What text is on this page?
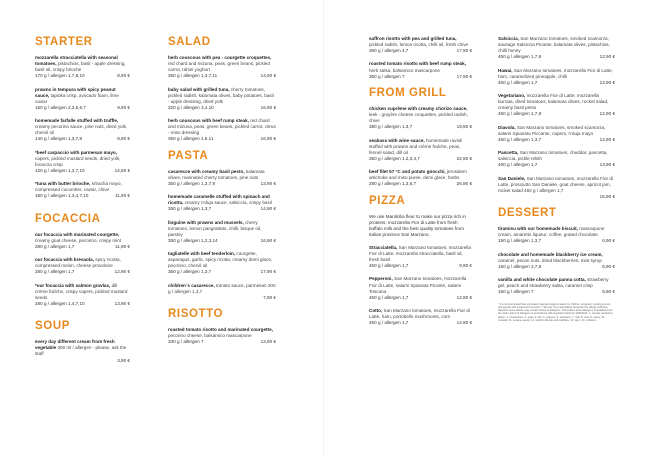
STARTER
mozzarella stracciatella with seasonal tomatoes, pistachios, basil - apple dressing, basil oil, crispy brioche
170 g / allergen 1,7,8,10	8,90 €
prawns in tempura with spicy peanut sauce, tapioka crisp, avocado foam, lime caviar
150 g / allergen 2,3,5,6,7	9,90 €
homemade farfalle stuffed with truffle, creamy pecorino sauce, pine nuts, dried yolk, chervil oil
140 g / allergen 1,3,7,8	8,90 €
*beef carpaccio with parmesan mayo, capers, pickled mustard seeds, dried yolk, focaccia crisp
120 g / allergen 1,3,7,10	12,50 €
*tuna with butter brioche, sriracha mayo, compressed cucumber, caviar, chive
180 g / allergen 1,3,4,7,10	11,90 €
FOCACCIA
our focaccia with marinated courgette, creamy goat cheese, pecorino, crispy mint
280 g / allergen 1,7	11,90 €
our focaccia with bresaola, spicy ricotta, compressed melon, cheese provolone
280 g / allergen 1,7	12,90 €
*our focaccia with salmon gravlax, dill crème fraîche, crispy capers, pickled mustard seeds
280 g / allergen 1,4,7,10	13,90 €
SOUP
every day different cream from fresh vegetable 300 ml / allergen - please, ask the staff
3,90 €
SALAD
herb couscous with pea - courgette croquettes, red chard and mizuna, peas, green beans, pickled carrot, tahini yoghurt
350 g / allergen 1,3,7,11	14,90 €
baby salad with grilled tuna, cherry tomatoes, pickled radish, kalamata olives, baby potatoes, basil - apple dressing, dried yolk
320 g / allergen 3,4,10	16,90 €
herb couscous with beef rump steak, red chard and mizuna, peas, green beans, pickled carrot, citrus - miso dressing
350 g / allergen 1,6,11	16,90 €
PASTA
casarecce with creamy basil pesto, kalamata olives, marinated cherry tomatoes, pine nuts
350 g / allergen 1,3,7,8	13,90 €
homemade caramelle stuffed with spinach and ricotta, creamy n'duja sauce, salsiccia, crispy basil
350 g / allergen 1,3,7	14,90 €
linguine with prawns and mussels, cherry tomatoes, lemon pangrattato, chilli, bisque oil, parsley
350 g / allergen 1,2,3,14	16,90 €
tagliatelle with beef tenderloin, courgette, asparagus, garlic, spicy ricotta, creamy demi glace, pecorino, chervil oil
350 g / allergen 1,3,7	17,90 €
children´s casarecce, tomato sauce, parmesan 200 g / allergen 1,3,7
7,90 €
RISOTTO
roasted tomato risotto and marinated courgette, pecorino cheese, balsamico mascarpone
330 g / allergen 7	13,90 €
saffron risotto with pea and grilled tuna, pickled radish, lemon ricotta, chilli oil, fresh chive
350 g / allergen 4,7	17,90 €
roasted tomato risotto with beef rump steak, herb salsa, balsamico mascarpone
350 g / allergen 7	17,90 €
FROM GRILL
chicken suprême with creamy chorizo sauce, leek - gruyère cheese croquettes, pickled radish, chive
380 g / allergen 1,3,7	19,90 €
seabass with wine sauce, homemade ravioli stuffed with prawns and crème fraîche, peas, fennel salad, dill oil
350 g / allergen 1,2,3,4,7	22,90 €
beef filet 57 °C and potato gnocchi, jerusalem artichoke and miso puree, demi glace, herbs
280 g / allergen 1,3,6,7	26,90 €
PIZZA
We use Manitoba fleur to make our pizza rich in proteins, mozzarella Fior di Latte from fresh buffalo milk and the best quality tomatoes from Italian province San Marzano.
Stracciatella, San Marzano tomatoes, mozzarella Fior di Latte, mozzarella stracciatella, basil oil, fresh basil
450 g / allergen 1,7	9,90 €
Pepperoni, San Marzano tomatoes, mozzarella Fior di Latte, salami Spianata Picante, salami Toscana
450 g / allergen 1,7	12,90 €
Cotto, San Marzano tomatoes, mozzarella Fior di Latte, ham, portobello mushrooms, corn
450 g / allergen 1,7	12,90 €
Salsiccia, San Marzano tomatoes, smoked scamorza, sausage Salsiccia Picante, kalamata olives, pistachios, chilli honey
450 g / allergen 1,7,8	12,90 €
Hawai, San Marzano tomatoes, mozzarella Fior di Latte, ham, caramelized pineapple, chilli
450 g / allergen 1,7	12,90 €
Vegetariano, mozzarella Fior di Latte, mozzarella burrata, dried tomatoes, kalamata olives, rocket salad, creamy basil pesto
450 g / allergen 1,7,8	12,90 €
Diavola, San Marzano tomatoes, smoked scamorza, salami Spianata Piccante, capers, n'duja mayo
450 g / allergen 1,3,7	12,90 €
Pancetta, San Marzano tomatoes, cheddar, pancetta, salsiccia, pickle relish
450 g / allergen 1,7	13,90 €
San Daniele, San Marzano tomatoes, mozzarella Fior di Latte, prosciutto San Daniele, goat cheese, apricot jam, rocket salad 450 g / allergen 1,7
15,90 €
DESSERT
tiramisu with our homemade biscuit, mascarpone cream, amaretto liqueur, coffee, grated chocolate
150 g / allergen 1,3,7	6,90 €
chocolate and homemade blackberry ice cream, caramel, pecan nuts, dried blackberries, mint syrup
150 g / allergen 3,7,8	6,90 €
vanilla and white chocolate panna cotta, strawberry gel, peach and strawberry salsa, caramel crisp
150 g / allergen 7	6,90 €
* it is recommended that uncooked meat and eggs be taken by children, pregnant, nursing women and people with weakened immunity. ** We are not a specialized restaurant for allergy sufferers, therefore some dishes may contain traces of allergens. Information about allergens is available from the staff. Listed 14 allergens in accordance with regulation (EU) No 1169/2011: 1. cereals containing gluten, 2. crustaceans, 3. eggs, 4. fish, 5. peanuts, 6. soybeans, 7. milk, 8. nuts, 9. celery, 10. mustard, 11. sesame seeds, 12. sulphur dioxide and sulphites, 13. lupin, 14. molluscs.
